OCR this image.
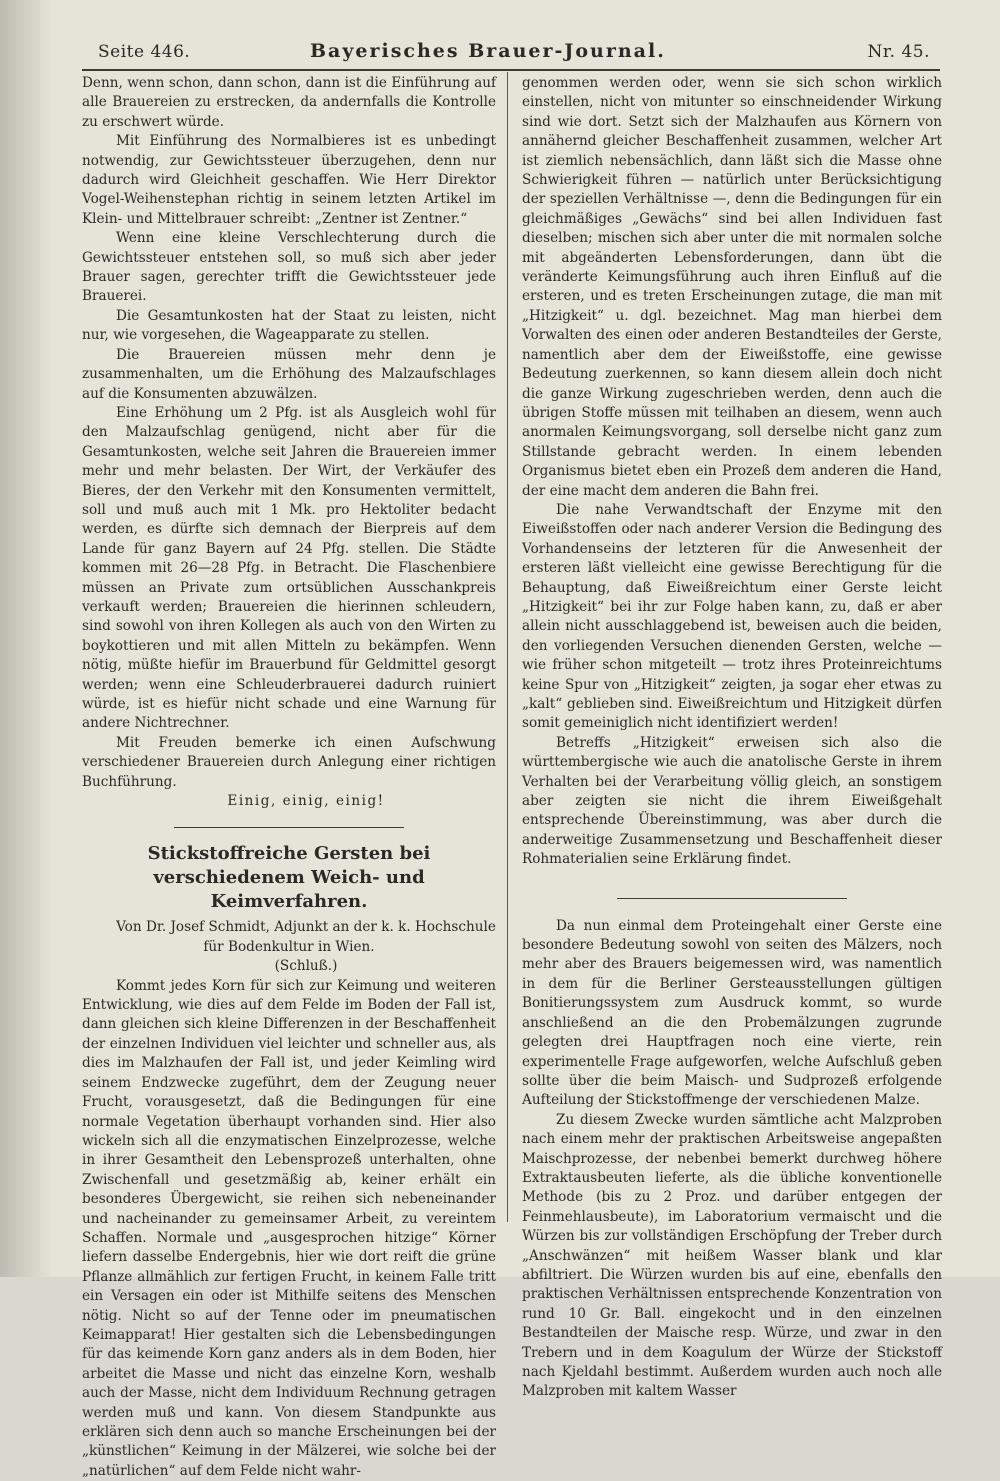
Seite 446.	Bayerisches Brauer-Journal.	Nr. 45.

Denn, wenn schon, dann schon, dann ist die Einführung auf alle Brauereien zu erstrecken, da andernfalls die Kontrolle zu erschwert würde.

Mit Einführung des Normalbieres ist es unbedingt notwendig, zur Gewichtssteuer überzugehen, denn nur dadurch wird Gleichheit geschaffen. Wie Herr Direktor Vogel-Weihenstephan richtig in seinem letzten Artikel im Klein- und Mittelbrauer schreibt: „Zentner ist Zentner.“

Wenn eine kleine Verschlechterung durch die Gewichtssteuer entstehen soll, so muß sich aber jeder Brauer sagen, gerechter trifft die Gewichtssteuer jede Brauerei.

Die Gesamtunkosten hat der Staat zu leisten, nicht nur, wie vorgesehen, die Wageapparate zu stellen.

Die Brauereien müssen mehr denn je zusammenhalten, um die Erhöhung des Malzaufschlages auf die Konsumenten abzuwälzen.

Eine Erhöhung um 2 Pfg. ist als Ausgleich wohl für den Malzaufschlag genügend, nicht aber für die Gesamtunkosten, welche seit Jahren die Brauereien immer mehr und mehr belasten. Der Wirt, der Verkäufer des Bieres, der den Verkehr mit den Konsumenten vermittelt, soll und muß auch mit 1 Mk. pro Hektoliter bedacht werden, es dürfte sich demnach der Bierpreis auf dem Lande für ganz Bayern auf 24 Pfg. stellen. Die Städte kommen mit 26—28 Pfg. in Betracht. Die Flaschenbiere müssen an Private zum ortsüblichen Ausschankpreis verkauft werden; Brauereien die hierinnen schleudern, sind sowohl von ihren Kollegen als auch von den Wirten zu boykottieren und mit allen Mitteln zu bekämpfen. Wenn nötig, müßte hiefür im Brauerbund für Geldmittel gesorgt werden; wenn eine Schleuderbrauerei dadurch ruiniert würde, ist es hiefür nicht schade und eine Warnung für andere Nichtrechner.

Mit Freuden bemerke ich einen Aufschwung verschiedener Brauereien durch Anlegung einer richtigen Buchführung.

Einig, einig, einig!

Stickstoffreiche Gersten bei verschiedenem Weich- und Keimverfahren.

Von Dr. Josef Schmidt, Adjunkt an der k. k. Hochschule für Bodenkultur in Wien.

(Schluß.)

Kommt jedes Korn für sich zur Keimung und weiteren Entwicklung, wie dies auf dem Felde im Boden der Fall ist, dann gleichen sich kleine Differenzen in der Beschaffenheit der einzelnen Individuen viel leichter und schneller aus, als dies im Malzhaufen der Fall ist, und jeder Keimling wird seinem Endzwecke zugeführt, dem der Zeugung neuer Frucht, vorausgesetzt, daß die Bedingungen für eine normale Vegetation überhaupt vorhanden sind. Hier also wickeln sich all die enzymatischen Einzelprozesse, welche in ihrer Gesamtheit den Lebensprozeß unterhalten, ohne Zwischenfall und gesetzmäßig ab, keiner erhält ein besonderes Übergewicht, sie reihen sich nebeneinander und nacheinander zu gemeinsamer Arbeit, zu vereintem Schaffen. Normale und „ausgesprochen hitzige“ Körner liefern dasselbe Endergebnis, hier wie dort reift die grüne Pflanze allmählich zur fertigen Frucht, in keinem Falle tritt ein Versagen ein oder ist Mithilfe seitens des Menschen nötig. Nicht so auf der Tenne oder im pneumatischen Keimapparat! Hier gestalten sich die Lebensbedingungen für das keimende Korn ganz anders als in dem Boden, hier arbeitet die Masse und nicht das einzelne Korn, weshalb auch der Masse, nicht dem Individuum Rechnung getragen werden muß und kann. Von diesem Standpunkte aus erklären sich denn auch so manche Erscheinungen bei der „künstlichen“ Keimung in der Mälzerei, wie solche bei der „natürlichen“ auf dem Felde nicht wahr-

genommen werden oder, wenn sie sich schon wirklich einstellen, nicht von mitunter so einschneidender Wirkung sind wie dort. Setzt sich der Malzhaufen aus Körnern von annähernd gleicher Beschaffenheit zusammen, welcher Art ist ziemlich nebensächlich, dann läßt sich die Masse ohne Schwierigkeit führen — natürlich unter Berücksichtigung der speziellen Verhältnisse —, denn die Bedingungen für ein gleichmäßiges „Gewächs“ sind bei allen Individuen fast dieselben; mischen sich aber unter die mit normalen solche mit abgeänderten Lebensforderungen, dann übt die veränderte Keimungsführung auch ihren Einfluß auf die ersteren, und es treten Erscheinungen zutage, die man mit „Hitzigkeit“ u. dgl. bezeichnet. Mag man hierbei dem Vorwalten des einen oder anderen Bestandteiles der Gerste, namentlich aber dem der Eiweißstoffe, eine gewisse Bedeutung zuerkennen, so kann diesem allein doch nicht die ganze Wirkung zugeschrieben werden, denn auch die übrigen Stoffe müssen mit teilhaben an diesem, wenn auch anormalen Keimungsvorgang, soll derselbe nicht ganz zum Stillstande gebracht werden. In einem lebenden Organismus bietet eben ein Prozeß dem anderen die Hand, der eine macht dem anderen die Bahn frei.

Die nahe Verwandtschaft der Enzyme mit den Eiweißstoffen oder nach anderer Version die Bedingung des Vorhandenseins der letzteren für die Anwesenheit der ersteren läßt vielleicht eine gewisse Berechtigung für die Behauptung, daß Eiweißreichtum einer Gerste leicht „Hitzigkeit“ bei ihr zur Folge haben kann, zu, daß er aber allein nicht ausschlaggebend ist, beweisen auch die beiden, den vorliegenden Versuchen dienenden Gersten, welche — wie früher schon mitgeteilt — trotz ihres Proteinreichtums keine Spur von „Hitzigkeit“ zeigten, ja sogar eher etwas zu „kalt“ geblieben sind. Eiweißreichtum und Hitzigkeit dürfen somit gemeiniglich nicht identifiziert werden!

Betreffs „Hitzigkeit“ erweisen sich also die württembergische wie auch die anatolische Gerste in ihrem Verhalten bei der Verarbeitung völlig gleich, an sonstigem aber zeigten sie nicht die ihrem Eiweißgehalt entsprechende Übereinstimmung, was aber durch die anderweitige Zusammensetzung und Beschaffenheit dieser Rohmaterialien seine Erklärung findet.

Da nun einmal dem Proteingehalt einer Gerste eine besondere Bedeutung sowohl von seiten des Mälzers, noch mehr aber des Brauers beigemessen wird, was namentlich in dem für die Berliner Gersteausstellungen gültigen Bonitierungssystem zum Ausdruck kommt, so wurde anschließend an die den Probemälzungen zugrunde gelegten drei Hauptfragen noch eine vierte, rein experimentelle Frage aufgeworfen, welche Aufschluß geben sollte über die beim Maisch- und Sudprozeß erfolgende Aufteilung der Stickstoffmenge der verschiedenen Malze.

Zu diesem Zwecke wurden sämtliche acht Malzproben nach einem mehr der praktischen Arbeitsweise angepaßten Maischprozesse, der nebenbei bemerkt durchweg höhere Extraktausbeuten lieferte, als die übliche konventionelle Methode (bis zu 2 Proz. und darüber entgegen der Feinmehlausbeute), im Laboratorium vermaischt und die Würzen bis zur vollständigen Erschöpfung der Treber durch „Anschwänzen“ mit heißem Wasser blank und klar abfiltriert. Die Würzen wurden bis auf eine, ebenfalls den praktischen Verhältnissen entsprechende Konzentration von rund 10 Gr. Ball. eingekocht und in den einzelnen Bestandteilen der Maische resp. Würze, und zwar in den Trebern und in dem Koagulum der Würze der Stickstoff nach Kjeldahl bestimmt. Außerdem wurden auch noch alle Malzproben mit kaltem Wasser
